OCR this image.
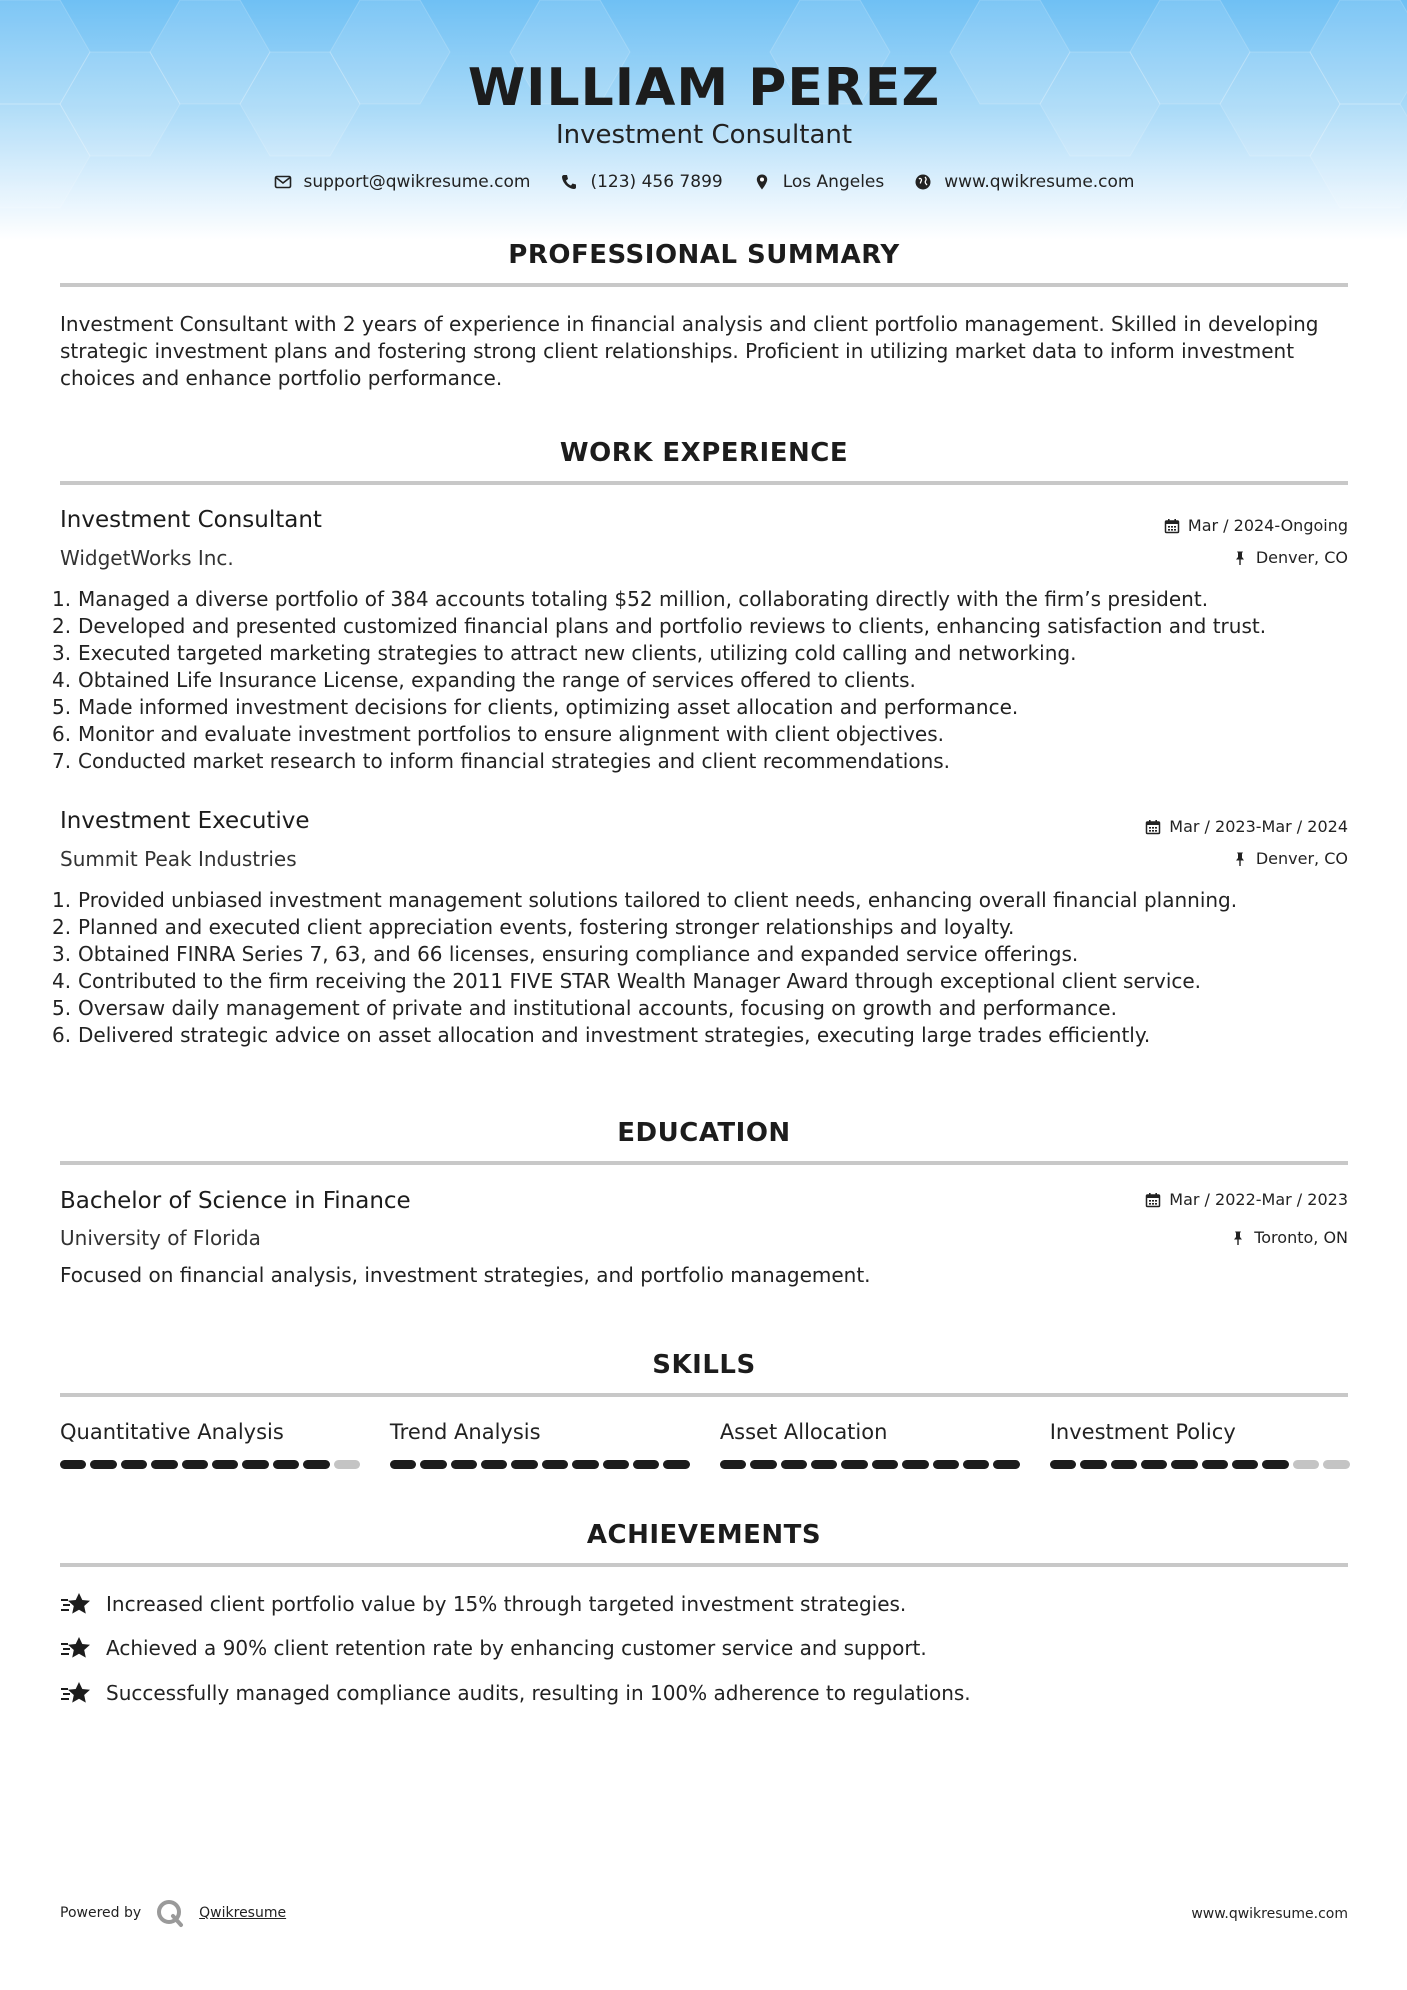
WILLIAM PEREZ
Investment Consultant
support@qwikresume.com	(123) 456 7899	Los Angeles	www.qwikresume.com
PROFESSIONAL SUMMARY
Investment Consultant with 2 years of experience in financial analysis and client portfolio management. Skilled in developing strategic investment plans and fostering strong client relationships. Proficient in utilizing market data to inform investment choices and enhance portfolio performance.
WORK EXPERIENCE
Investment Consultant	Mar / 2024-Ongoing
WidgetWorks Inc.	Denver, CO
1. Managed a diverse portfolio of 384 accounts totaling $52 million, collaborating directly with the firm’s president.
2. Developed and presented customized financial plans and portfolio reviews to clients, enhancing satisfaction and trust.
3. Executed targeted marketing strategies to attract new clients, utilizing cold calling and networking.
4. Obtained Life Insurance License, expanding the range of services offered to clients.
5. Made informed investment decisions for clients, optimizing asset allocation and performance.
6. Monitor and evaluate investment portfolios to ensure alignment with client objectives.
7. Conducted market research to inform financial strategies and client recommendations.
Investment Executive	Mar / 2023-Mar / 2024
Summit Peak Industries	Denver, CO
1. Provided unbiased investment management solutions tailored to client needs, enhancing overall financial planning.
2. Planned and executed client appreciation events, fostering stronger relationships and loyalty.
3. Obtained FINRA Series 7, 63, and 66 licenses, ensuring compliance and expanded service offerings.
4. Contributed to the firm receiving the 2011 FIVE STAR Wealth Manager Award through exceptional client service.
5. Oversaw daily management of private and institutional accounts, focusing on growth and performance.
6. Delivered strategic advice on asset allocation and investment strategies, executing large trades efficiently.
EDUCATION
Bachelor of Science in Finance	Mar / 2022-Mar / 2023
University of Florida	Toronto, ON
Focused on financial analysis, investment strategies, and portfolio management.
SKILLS
Quantitative Analysis	Trend Analysis	Asset Allocation	Investment Policy
ACHIEVEMENTS
Increased client portfolio value by 15% through targeted investment strategies.
Achieved a 90% client retention rate by enhancing customer service and support.
Successfully managed compliance audits, resulting in 100% adherence to regulations.
Powered by	Qwikresume	www.qwikresume.com
